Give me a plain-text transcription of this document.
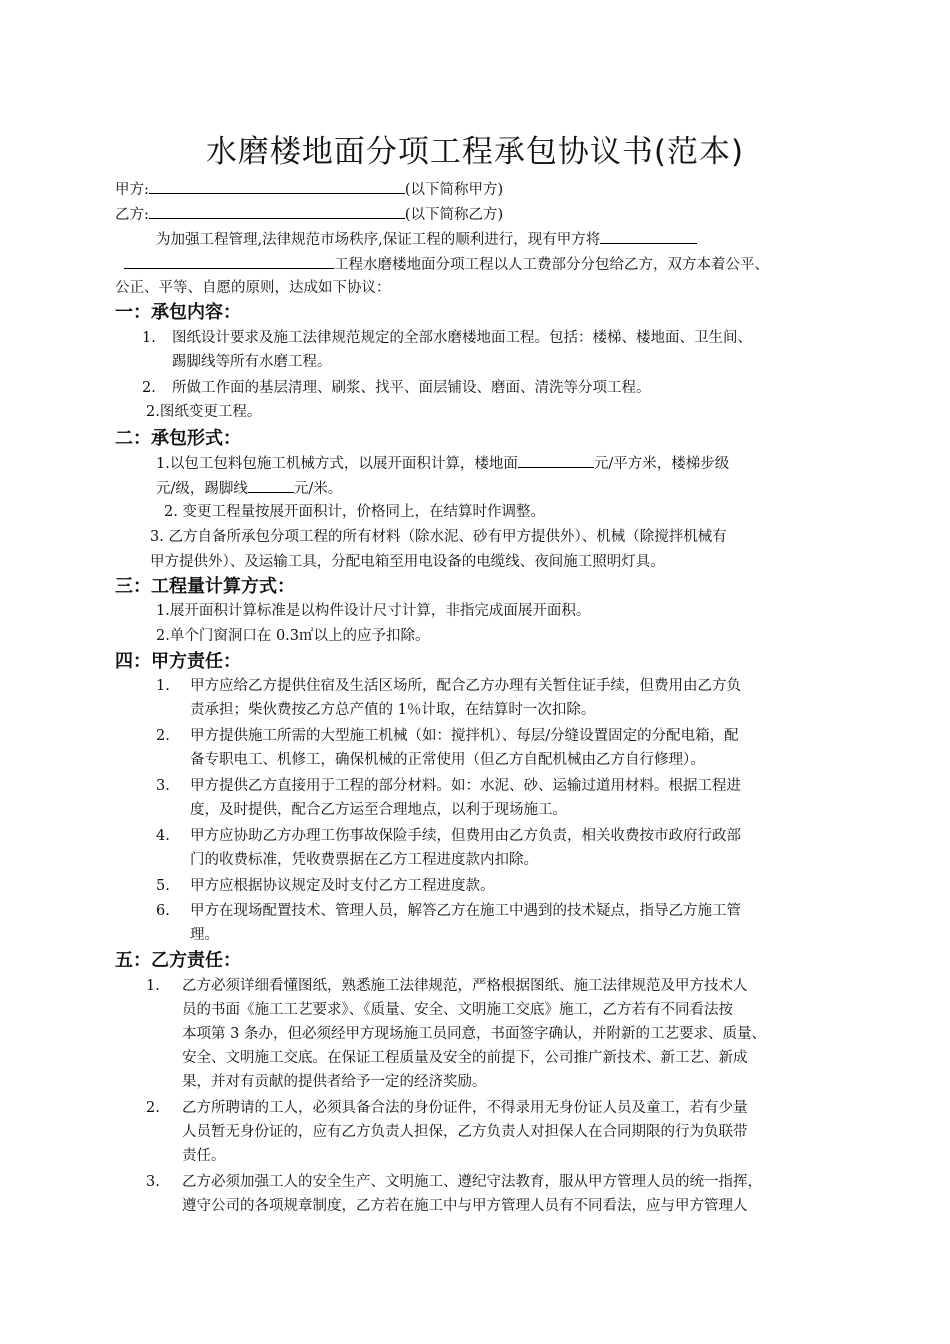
水磨楼地面分项工程承包协议书(范本)
甲方:	(以下简称甲方)
乙方:	(以下简称乙方)
为加强工程管理,法律规范市场秩序,保证工程的顺利进行，现有甲方将
工程水磨楼地面分项工程以人工费部分分包给乙方，双方本着公平、
公正、平等、自愿的原则，达成如下协议：
一：承包内容：
1. 图纸设计要求及施工法律规范规定的全部水磨楼地面工程。包括：楼梯、楼地面、卫生间、
踢脚线等所有水磨工程。
2. 所做工作面的基层清理、刷浆、找平、面层铺设、磨面、清洗等分项工程。
2.图纸变更工程。
二：承包形式：
1.以包工包料包施工机械方式，以展开面积计算，楼地面	元/平方米，楼梯步级
元/级，踢脚线	元/米。
2. 变更工程量按展开面积计，价格同上，在结算时作调整。
3. 乙方自备所承包分项工程的所有材料（除水泥、砂有甲方提供外）、机械（除搅拌机械有
甲方提供外）、及运输工具，分配电箱至用电设备的电缆线、夜间施工照明灯具。
三：工程量计算方式：
1.展开面积计算标准是以构件设计尺寸计算，非指完成面展开面积。
2.单个门窗洞口在 0.3㎡以上的应予扣除。
四：甲方责任：
1. 甲方应给乙方提供住宿及生活区场所，配合乙方办理有关暂住证手续，但费用由乙方负
责承担；柴伙费按乙方总产值的 1％计取，在结算时一次扣除。
2. 甲方提供施工所需的大型施工机械（如：搅拌机）、每层/分缝设置固定的分配电箱，配
备专职电工、机修工，确保机械的正常使用（但乙方自配机械由乙方自行修理）。
3. 甲方提供乙方直接用于工程的部分材料。如：水泥、砂、运输过道用材料。根据工程进
度，及时提供，配合乙方运至合理地点，以利于现场施工。
4. 甲方应协助乙方办理工伤事故保险手续，但费用由乙方负责，相关收费按市政府行政部
门的收费标准，凭收费票据在乙方工程进度款内扣除。
5. 甲方应根据协议规定及时支付乙方工程进度款。
6. 甲方在现场配置技术、管理人员，解答乙方在施工中遇到的技术疑点，指导乙方施工管
理。
五：乙方责任：
1. 乙方必须详细看懂图纸，熟悉施工法律规范，严格根据图纸、施工法律规范及甲方技术人
员的书面《施工工艺要求》、《质量、安全、文明施工交底》施工，乙方若有不同看法按
本项第 3 条办，但必须经甲方现场施工员同意，书面签字确认，并附新的工艺要求、质量、
安全、文明施工交底。在保证工程质量及安全的前提下，公司推广新技术、新工艺、新成
果，并对有贡献的提供者给予一定的经济奖励。
2. 乙方所聘请的工人，必须具备合法的身份证件，不得录用无身份证人员及童工，若有少量
人员暂无身份证的，应有乙方负责人担保，乙方负责人对担保人在合同期限的行为负联带
责任。
3. 乙方必须加强工人的安全生产、文明施工、遵纪守法教育，服从甲方管理人员的统一指挥，
遵守公司的各项规章制度，乙方若在施工中与甲方管理人员有不同看法，应与甲方管理人
